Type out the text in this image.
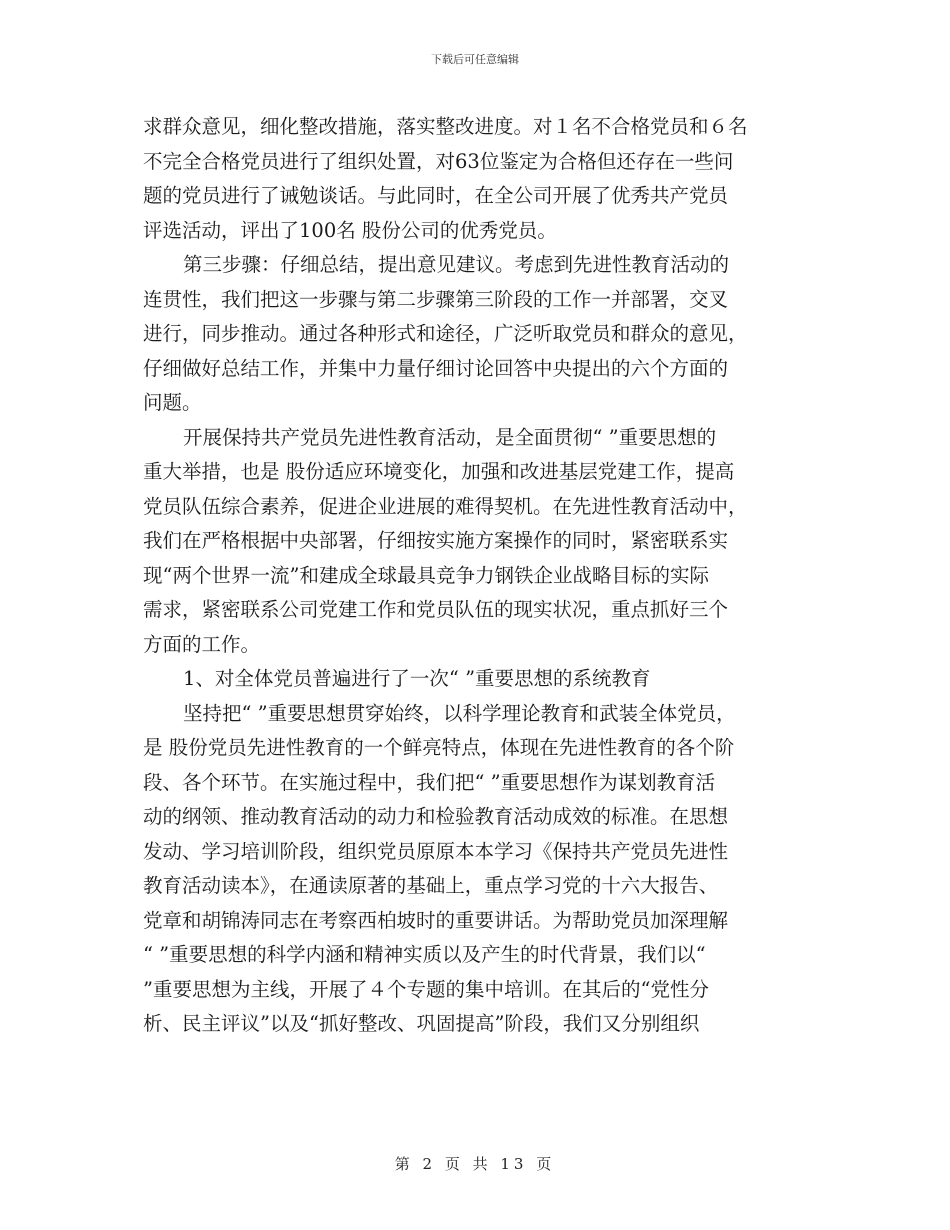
下载后可任意编辑
求群众意见，细化整改措施，落实整改进度。对１名不合格党员和６名
不完全合格党员进行了组织处置，对63位鉴定为合格但还存在一些问
题的党员进行了诫勉谈话。与此同时，在全公司开展了优秀共产党员
评选活动，评出了100名 股份公司的优秀党员。
第三步骤：仔细总结，提出意见建议。考虑到先进性教育活动的
连贯性，我们把这一步骤与第二步骤第三阶段的工作一并部署，交叉
进行，同步推动。通过各种形式和途径，广泛听取党员和群众的意见，
仔细做好总结工作，并集中力量仔细讨论回答中央提出的六个方面的
问题。
开展保持共产党员先进性教育活动，是全面贯彻“ ”重要思想的
重大举措，也是 股份适应环境变化，加强和改进基层党建工作，提高
党员队伍综合素养，促进企业进展的难得契机。在先进性教育活动中，
我们在严格根据中央部署，仔细按实施方案操作的同时，紧密联系实
现“两个世界一流”和建成全球最具竞争力钢铁企业战略目标的实际
需求，紧密联系公司党建工作和党员队伍的现实状况，重点抓好三个
方面的工作。
1、对全体党员普遍进行了一次“ ”重要思想的系统教育
坚持把“ ”重要思想贯穿始终，以科学理论教育和武装全体党员，
是 股份党员先进性教育的一个鲜亮特点，体现在先进性教育的各个阶
段、各个环节。在实施过程中，我们把“ ”重要思想作为谋划教育活
动的纲领、推动教育活动的动力和检验教育活动成效的标准。在思想
发动、学习培训阶段，组织党员原原本本学习《保持共产党员先进性
教育活动读本》，在通读原著的基础上，重点学习党的十六大报告、
党章和胡锦涛同志在考察西柏坡时的重要讲话。为帮助党员加深理解
“ ”重要思想的科学内涵和精神实质以及产生的时代背景，我们以“
”重要思想为主线，开展了４个专题的集中培训。在其后的“党性分
析、民主评议”以及“抓好整改、巩固提高”阶段，我们又分别组织
第 2 页 共 13 页
